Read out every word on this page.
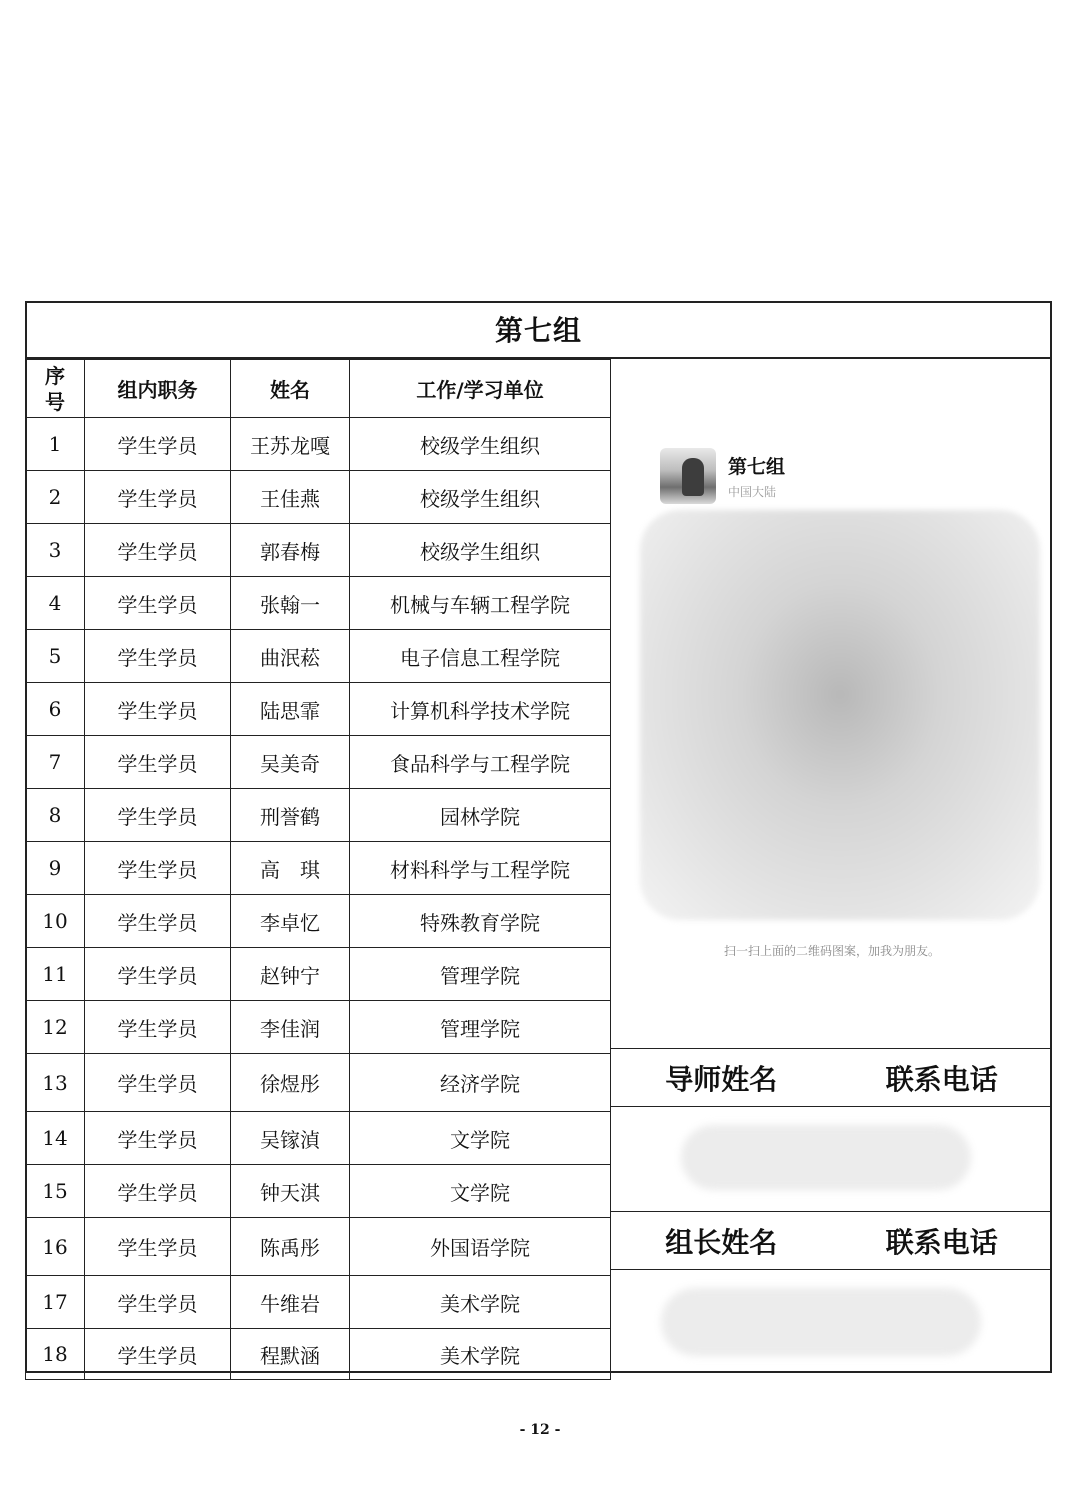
第七组
序号	组内职务	姓名	工作/学习单位
1	学生学员	王苏龙嘎	校级学生组织
2	学生学员	王佳燕	校级学生组织
3	学生学员	郭春梅	校级学生组织
4	学生学员	张翰一	机械与车辆工程学院
5	学生学员	曲泯菘	电子信息工程学院
6	学生学员	陆思霏	计算机科学技术学院
7	学生学员	吴美奇	食品科学与工程学院
8	学生学员	刑誉鹤	园林学院
9	学生学员	高　琪	材料科学与工程学院
10	学生学员	李卓忆	特殊教育学院
11	学生学员	赵钟宁	管理学院
12	学生学员	李佳润	管理学院
13	学生学员	徐煜彤	经济学院
14	学生学员	吴镓湞	文学院
15	学生学员	钟天淇	文学院
16	学生学员	陈禹彤	外国语学院
17	学生学员	牛维岩	美术学院
18	学生学员	程默涵	美术学院
第七组
中国大陆
扫一扫上面的二维码图案，加我为朋友。
导师姓名	联系电话
组长姓名	联系电话
- 12 -
